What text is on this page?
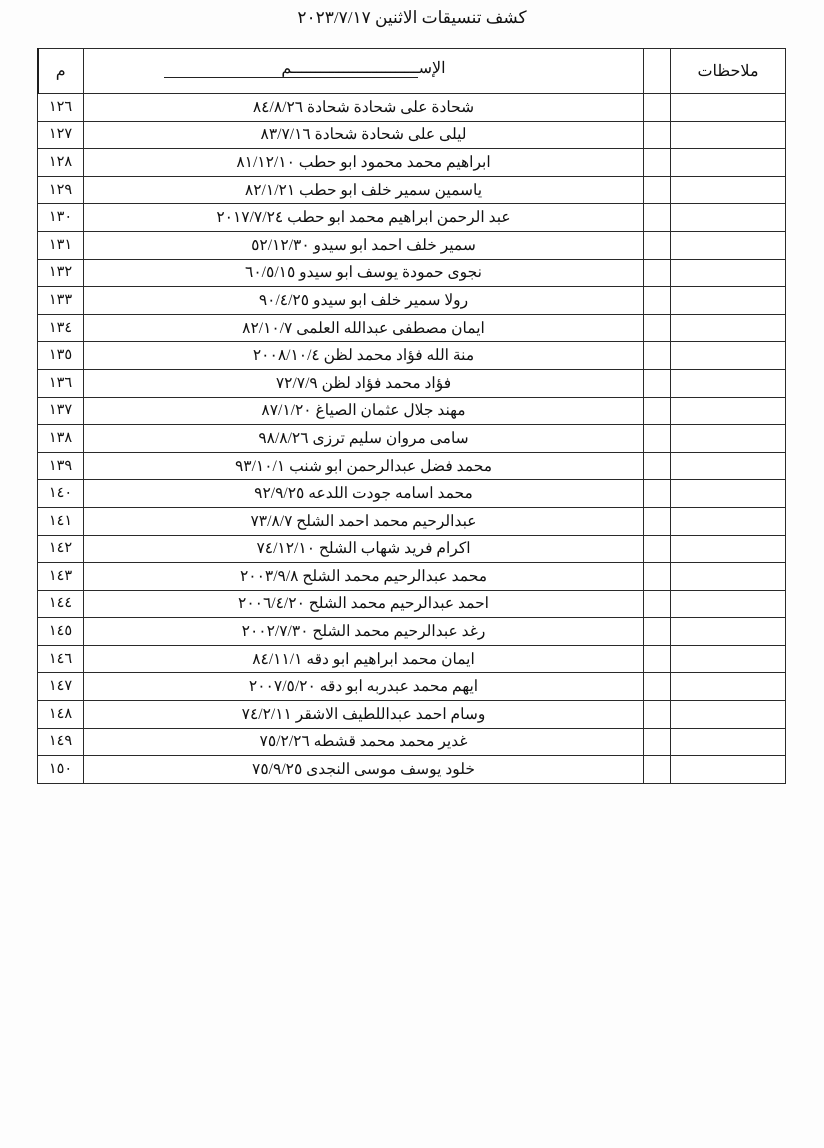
كشف تنسيقات الاثنين ٢٠٢٣/٧/١٧
ملاحظات		الإســـــــــــــــــــــــــــم	م
		شحادة على شحادة شحادة ٨٤/٨/٢٦	١٢٦
		ليلى على شحادة شحادة ٨٣/٧/١٦	١٢٧
		ابراهيم محمد محمود ابو حطب ٨١/١٢/١٠	١٢٨
		ياسمين سمير خلف ابو حطب ٨٢/١/٢١	١٢٩
		عبد الرحمن ابراهيم محمد ابو حطب ٢٠١٧/٧/٢٤	١٣٠
		سمير خلف احمد ابو سيدو ٥٢/١٢/٣٠	١٣١
		نجوى حمودة يوسف ابو سيدو ٦٠/٥/١٥	١٣٢
		رولا سمير خلف ابو سيدو ٩٠/٤/٢٥	١٣٣
		ايمان مصطفى عبدالله العلمى ٨٢/١٠/٧	١٣٤
		منة الله فؤاد محمد لظن ٢٠٠٨/١٠/٤	١٣٥
		فؤاد محمد فؤاد لظن ٧٢/٧/٩	١٣٦
		مهند جلال عثمان الصياغ ٨٧/١/٢٠	١٣٧
		سامى مروان سليم ترزى ٩٨/٨/٢٦	١٣٨
		محمد فضل عبدالرحمن ابو شنب ٩٣/١٠/١	١٣٩
		محمد اسامه جودت اللدعه ٩٢/٩/٢٥	١٤٠
		عبدالرحيم محمد احمد الشلح ٧٣/٨/٧	١٤١
		اكرام فريد شهاب الشلح ٧٤/١٢/١٠	١٤٢
		محمد عبدالرحيم محمد الشلح ٢٠٠٣/٩/٨	١٤٣
		احمد عبدالرحيم محمد الشلح ٢٠٠٦/٤/٢٠	١٤٤
		رغد عبدالرحيم محمد الشلح ٢٠٠٢/٧/٣٠	١٤٥
		ايمان محمد ابراهيم ابو دقه ٨٤/١١/١	١٤٦
		ايهم محمد عبدربه ابو دقه ٢٠٠٧/٥/٢٠	١٤٧
		وسام احمد عبداللطيف الاشقر ٧٤/٢/١١	١٤٨
		غدير محمد محمد قشطه ٧٥/٢/٢٦	١٤٩
		خلود يوسف موسى النجدى ٧٥/٩/٢٥	١٥٠
